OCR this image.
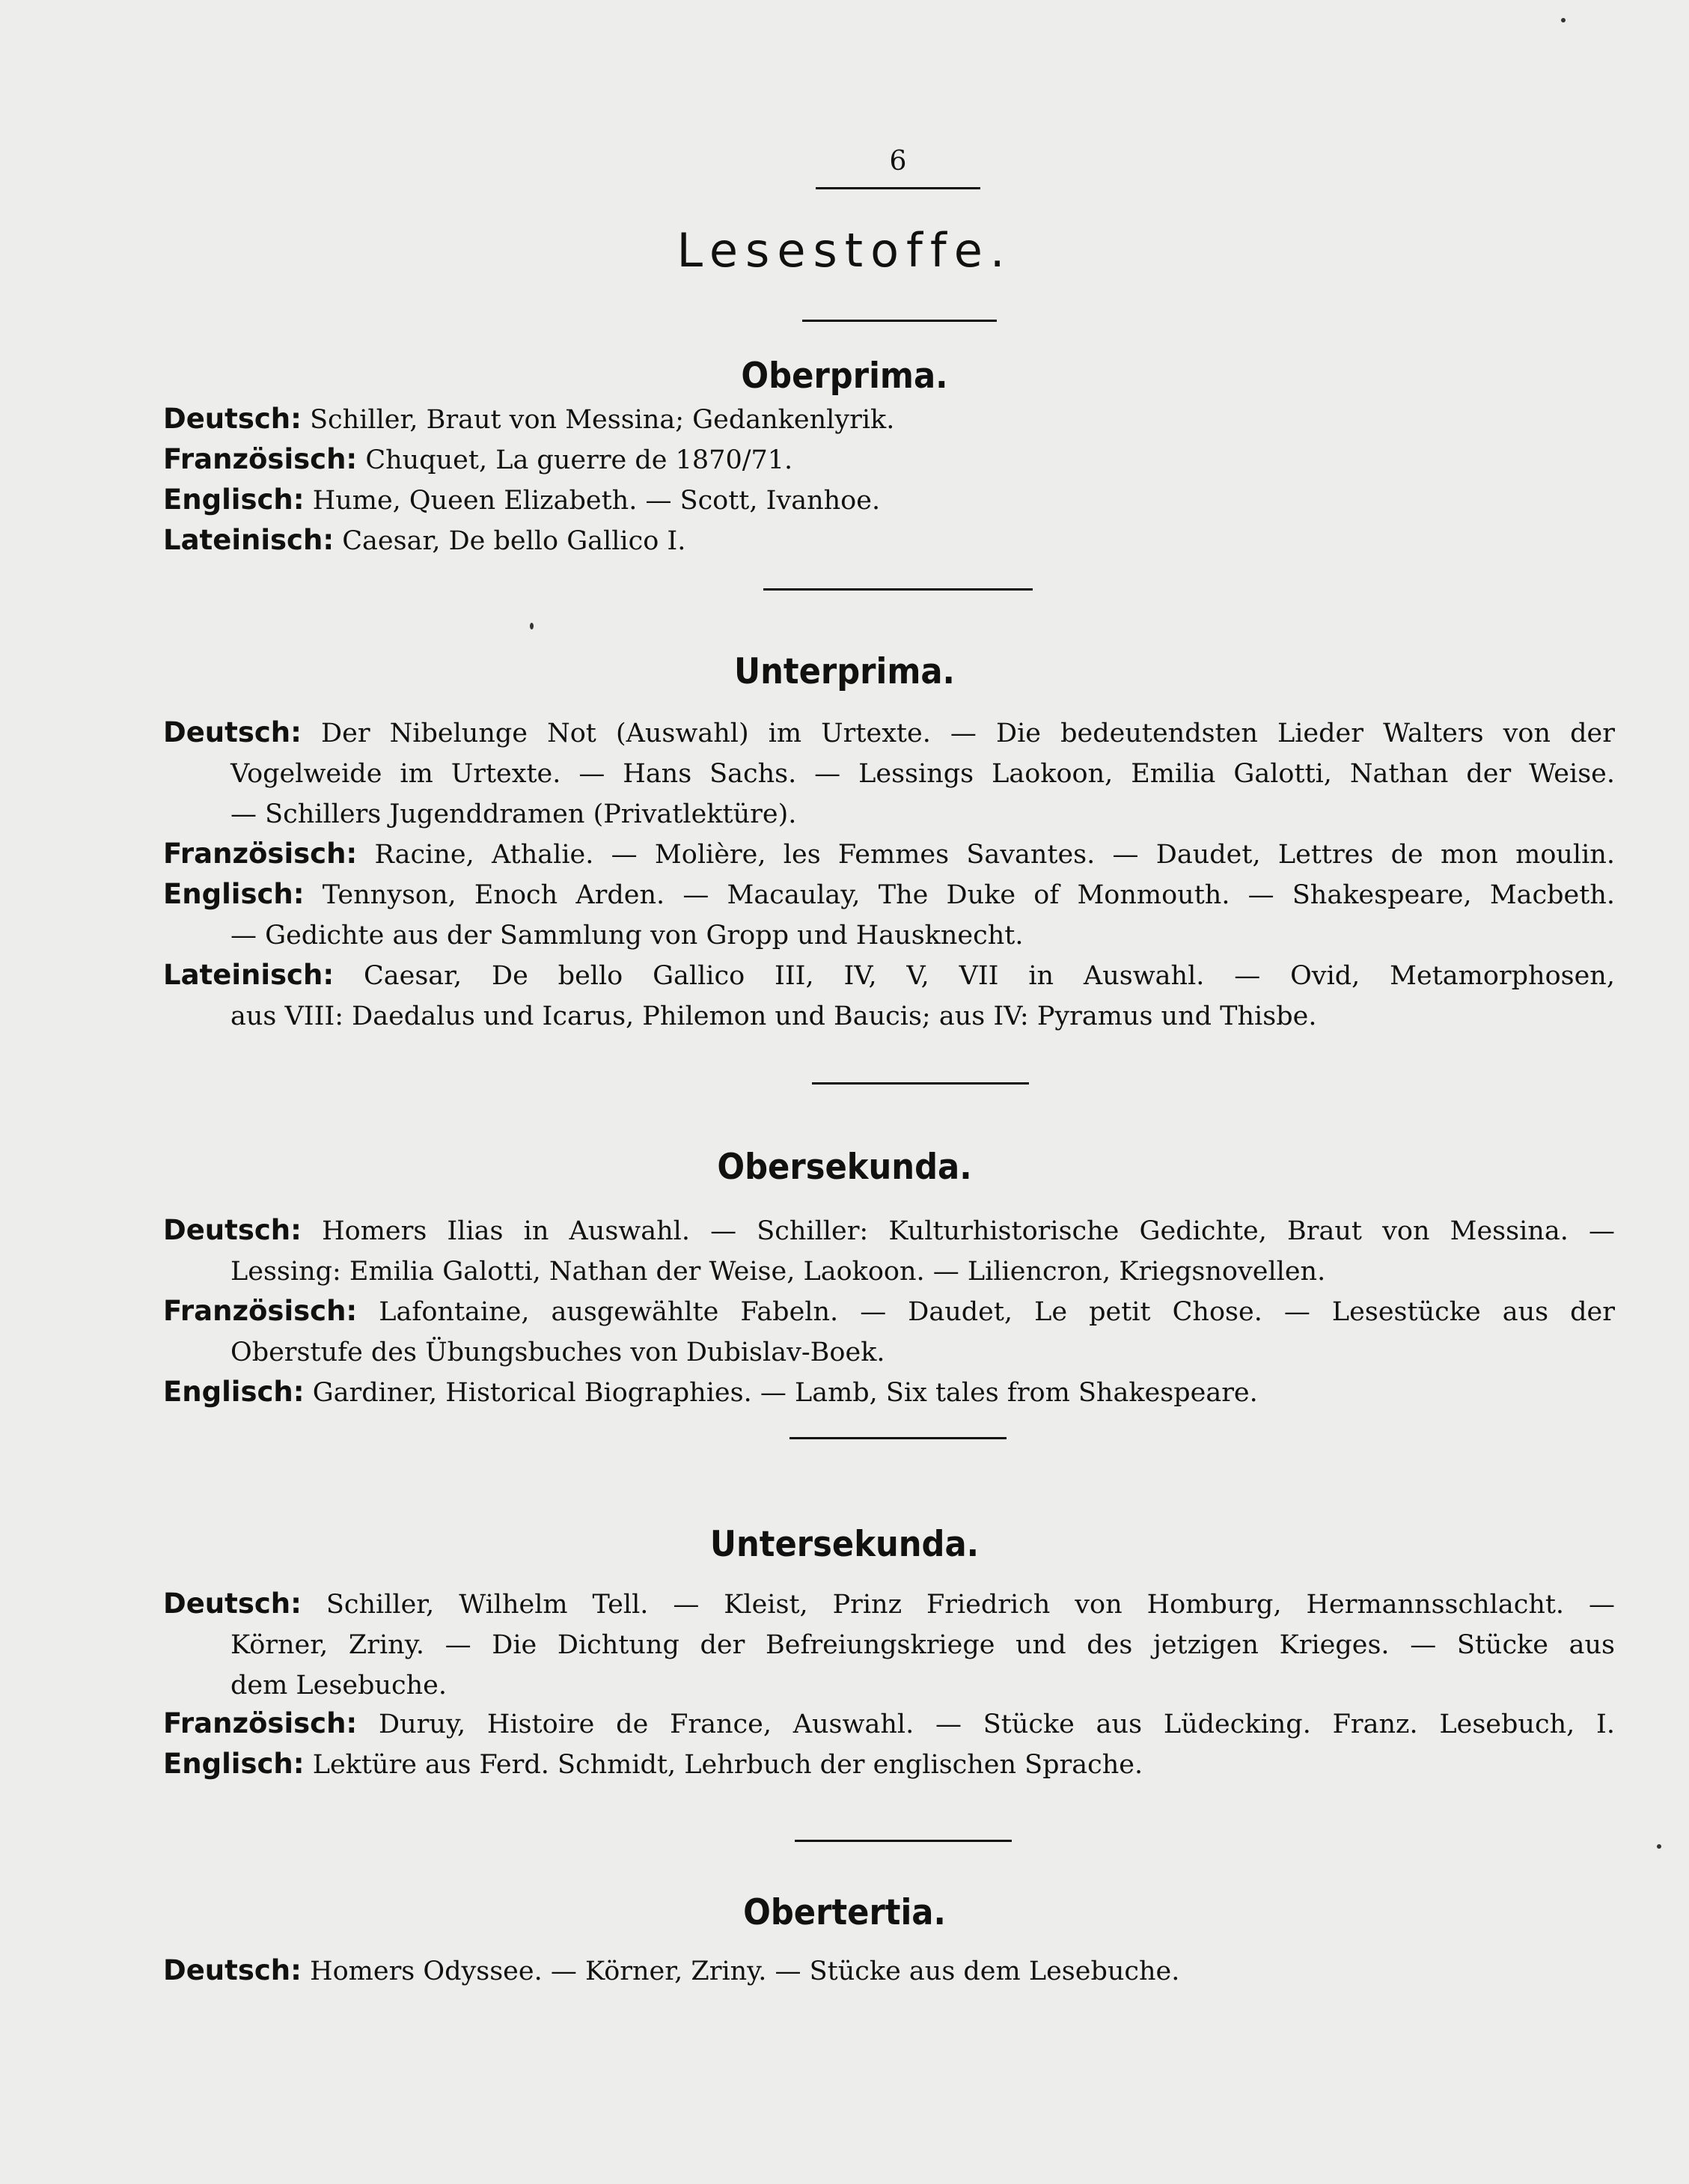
6
Lesestoffe.
Oberprima.
Deutsch: Schiller, Braut von Messina; Gedankenlyrik.
Französisch: Chuquet, La guerre de 1870/71.
Englisch: Hume, Queen Elizabeth. — Scott, Ivanhoe.
Lateinisch: Caesar, De bello Gallico I.
Unterprima.
Deutsch: Der Nibelunge Not (Auswahl) im Urtexte. — Die bedeutendsten Lieder Walters von der
Vogelweide im Urtexte. — Hans Sachs. — Lessings Laokoon, Emilia Galotti, Nathan der Weise.
— Schillers Jugenddramen (Privatlektüre).
Französisch: Racine, Athalie. — Molière, les Femmes Savantes. — Daudet, Lettres de mon moulin.
Englisch: Tennyson, Enoch Arden. — Macaulay, The Duke of Monmouth. — Shakespeare, Macbeth.
— Gedichte aus der Sammlung von Gropp und Hausknecht.
Lateinisch: Caesar, De bello Gallico III, IV, V, VII in Auswahl. — Ovid, Metamorphosen,
aus VIII: Daedalus und Icarus, Philemon und Baucis; aus IV: Pyramus und Thisbe.
Obersekunda.
Deutsch: Homers Ilias in Auswahl. — Schiller: Kulturhistorische Gedichte, Braut von Messina. —
Lessing: Emilia Galotti, Nathan der Weise, Laokoon. — Liliencron, Kriegsnovellen.
Französisch: Lafontaine, ausgewählte Fabeln. — Daudet, Le petit Chose. — Lesestücke aus der
Oberstufe des Übungsbuches von Dubislav-Boek.
Englisch: Gardiner, Historical Biographies. — Lamb, Six tales from Shakespeare.
Untersekunda.
Deutsch: Schiller, Wilhelm Tell. — Kleist, Prinz Friedrich von Homburg, Hermannsschlacht. —
Körner, Zriny. — Die Dichtung der Befreiungskriege und des jetzigen Krieges. — Stücke aus
dem Lesebuche.
Französisch: Duruy, Histoire de France, Auswahl. — Stücke aus Lüdecking. Franz. Lesebuch, I.
Englisch: Lektüre aus Ferd. Schmidt, Lehrbuch der englischen Sprache.
Obertertia.
Deutsch: Homers Odyssee. — Körner, Zriny. — Stücke aus dem Lesebuche.
